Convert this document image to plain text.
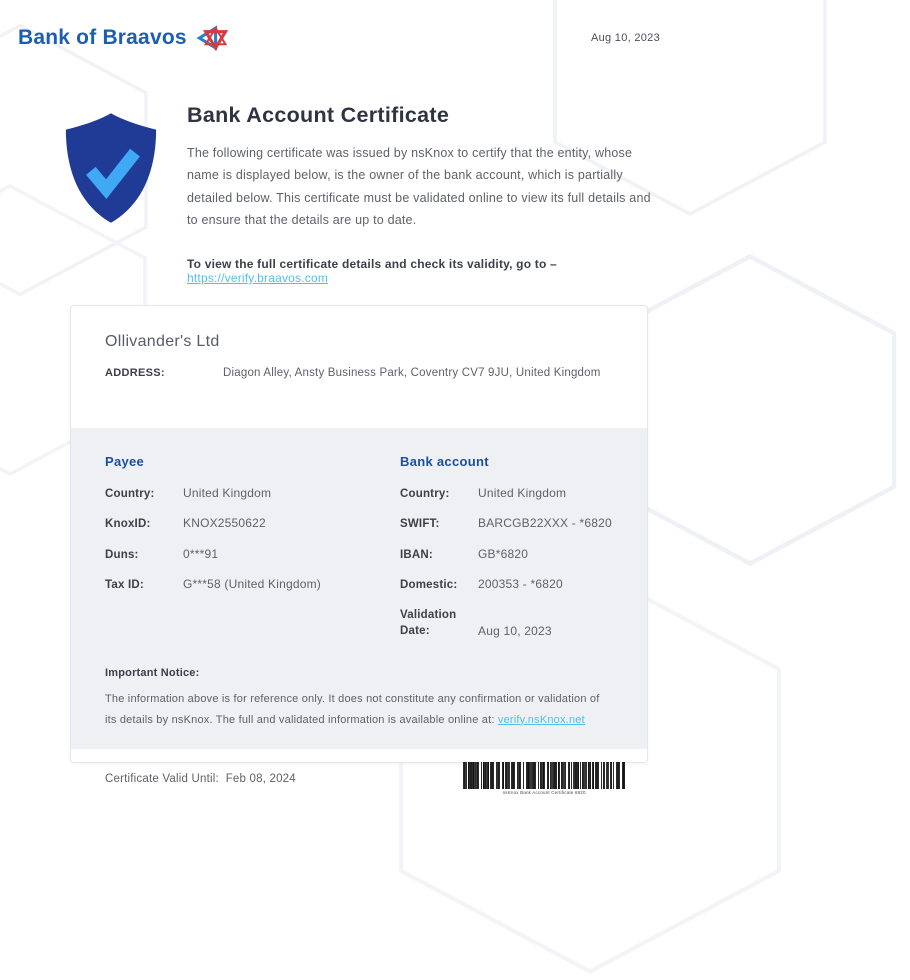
Bank of Braavos	Aug 10, 2023
Bank Account Certificate
The following certificate was issued by nsKnox to certify that the entity, whose name is displayed below, is the owner of the bank account, which is partially detailed below. This certificate must be validated online to view its full details and to ensure that the details are up to date.
To view the full certificate details and check its validity, go to – https://verify.braavos.com
Ollivander's Ltd
ADDRESS:	Diagon Alley, Ansty Business Park, Coventry CV7 9JU, United Kingdom
Payee
Country:	United Kingdom
KnoxID:	KNOX2550622
Duns:	0***91
Tax ID:	G***58 (United Kingdom)
Bank account
Country:	United Kingdom
SWIFT:	BARCGB22XXX - *6820
IBAN:	GB*6820
Domestic:	200353 - *6820
Validation Date:	Aug 10, 2023
Important Notice:
The information above is for reference only. It does not constitute any confirmation or validation of its details by nsKnox. The full and validated information is available online at: verify.nsKnox.net
Certificate Valid Until: Feb 08, 2024
nsKnox Bank Account Certificate 6820
